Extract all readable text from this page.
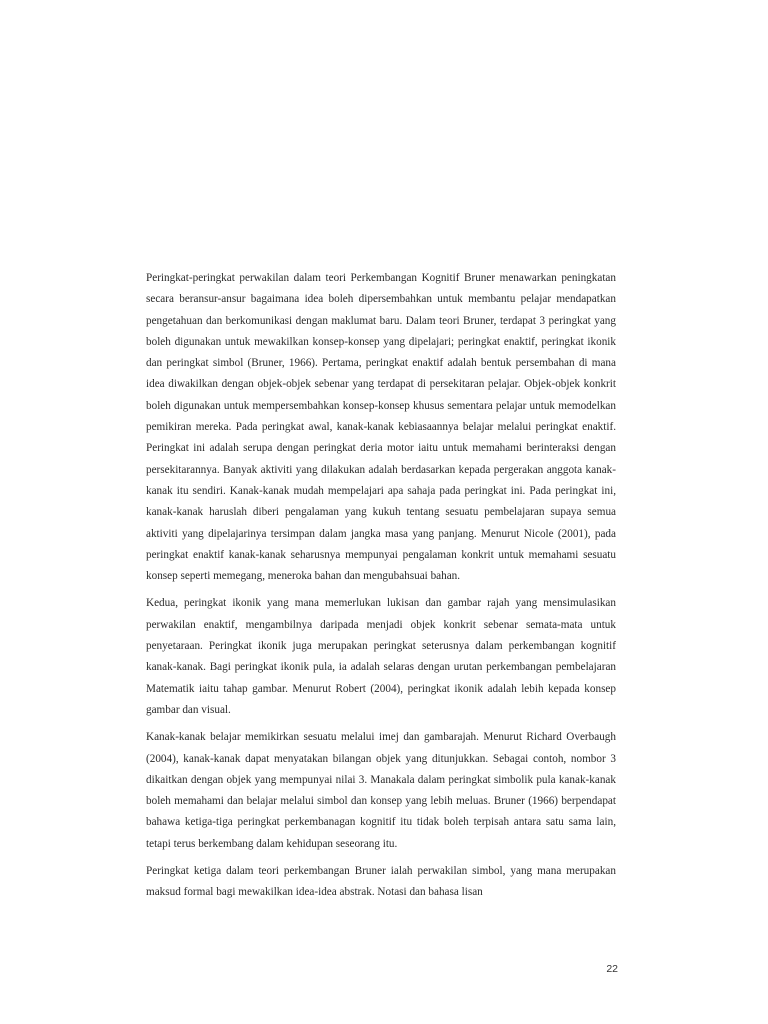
Peringkat-peringkat perwakilan dalam teori Perkembangan Kognitif Bruner menawarkan peningkatan secara beransur-ansur bagaimana idea boleh dipersembahkan untuk membantu pelajar mendapatkan pengetahuan dan berkomunikasi dengan maklumat baru. Dalam teori Bruner, terdapat 3 peringkat yang boleh digunakan untuk mewakilkan konsep-konsep yang dipelajari; peringkat enaktif, peringkat ikonik dan peringkat simbol (Bruner, 1966). Pertama, peringkat enaktif adalah bentuk persembahan di mana idea diwakilkan dengan objek-objek sebenar yang terdapat di persekitaran pelajar. Objek-objek konkrit boleh digunakan untuk mempersembahkan konsep-konsep khusus sementara pelajar untuk memodelkan pemikiran mereka. Pada peringkat awal, kanak-kanak kebiasaannya belajar melalui peringkat enaktif. Peringkat ini adalah serupa dengan peringkat deria motor iaitu untuk memahami berinteraksi dengan persekitarannya. Banyak aktiviti yang dilakukan adalah berdasarkan kepada pergerakan anggota kanak-kanak itu sendiri. Kanak-kanak mudah mempelajari apa sahaja pada peringkat ini. Pada peringkat ini, kanak-kanak haruslah diberi pengalaman yang kukuh tentang sesuatu pembelajaran supaya semua aktiviti yang dipelajarinya tersimpan dalam jangka masa yang panjang. Menurut Nicole (2001), pada peringkat enaktif kanak-kanak seharusnya mempunyai pengalaman konkrit untuk memahami sesuatu konsep seperti memegang, meneroka bahan dan mengubahsuai bahan.

Kedua, peringkat ikonik yang mana memerlukan lukisan dan gambar rajah yang mensimulasikan perwakilan enaktif, mengambilnya daripada menjadi objek konkrit sebenar semata-mata untuk penyetaraan. Peringkat ikonik juga merupakan peringkat seterusnya dalam perkembangan kognitif kanak-kanak. Bagi peringkat ikonik pula, ia adalah selaras dengan urutan perkembangan pembelajaran Matematik iaitu tahap gambar. Menurut Robert (2004), peringkat ikonik adalah lebih kepada konsep gambar dan visual.

Kanak-kanak belajar memikirkan sesuatu melalui imej dan gambarajah. Menurut Richard Overbaugh (2004), kanak-kanak dapat menyatakan bilangan objek yang ditunjukkan. Sebagai contoh, nombor 3 dikaitkan dengan objek yang mempunyai nilai 3. Manakala dalam peringkat simbolik pula kanak-kanak boleh memahami dan belajar melalui simbol dan konsep yang lebih meluas. Bruner (1966) berpendapat bahawa ketiga-tiga peringkat perkembanagan kognitif itu tidak boleh terpisah antara satu sama lain, tetapi terus berkembang dalam kehidupan seseorang itu.

Peringkat ketiga dalam teori perkembangan Bruner ialah perwakilan simbol, yang mana merupakan maksud formal bagi mewakilkan idea-idea abstrak. Notasi dan bahasa lisan

22
